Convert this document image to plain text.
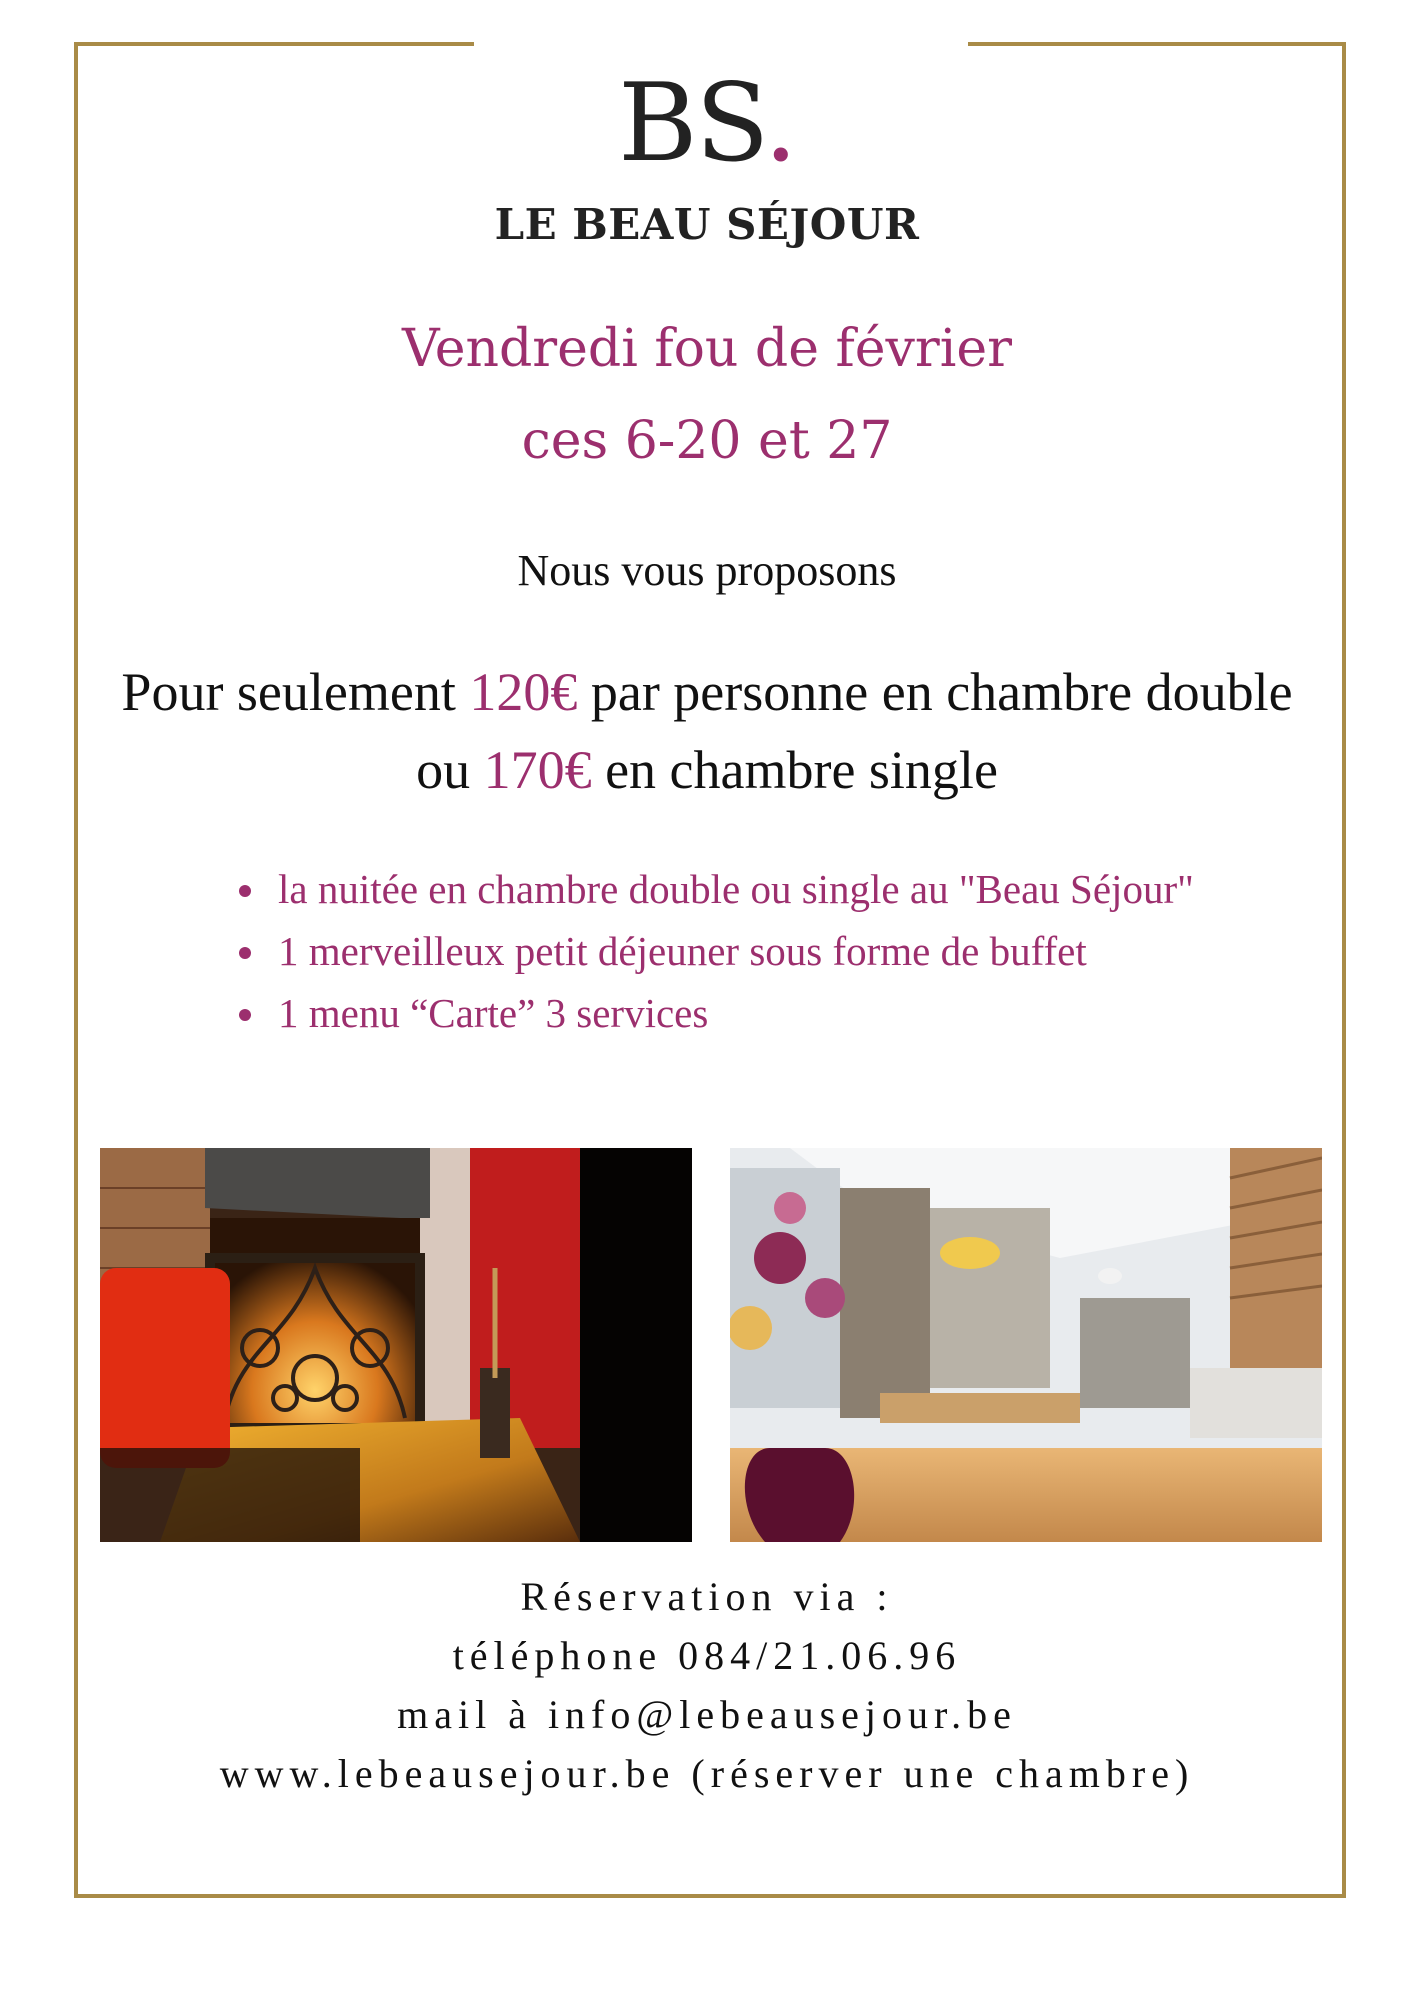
BS.
LE BEAU SÉJOUR
Vendredi fou de février
ces 6-20 et 27
Nous vous proposons
Pour seulement 120€ par personne en chambre double
ou 170€ en chambre single
• la nuitée en chambre double ou single au "Beau Séjour"
• 1 merveilleux petit déjeuner sous forme de buffet
• 1 menu “Carte” 3 services
Réservation via :
téléphone 084/21.06.96
mail à info@lebeausejour.be
www.lebeausejour.be (réserver une chambre)
